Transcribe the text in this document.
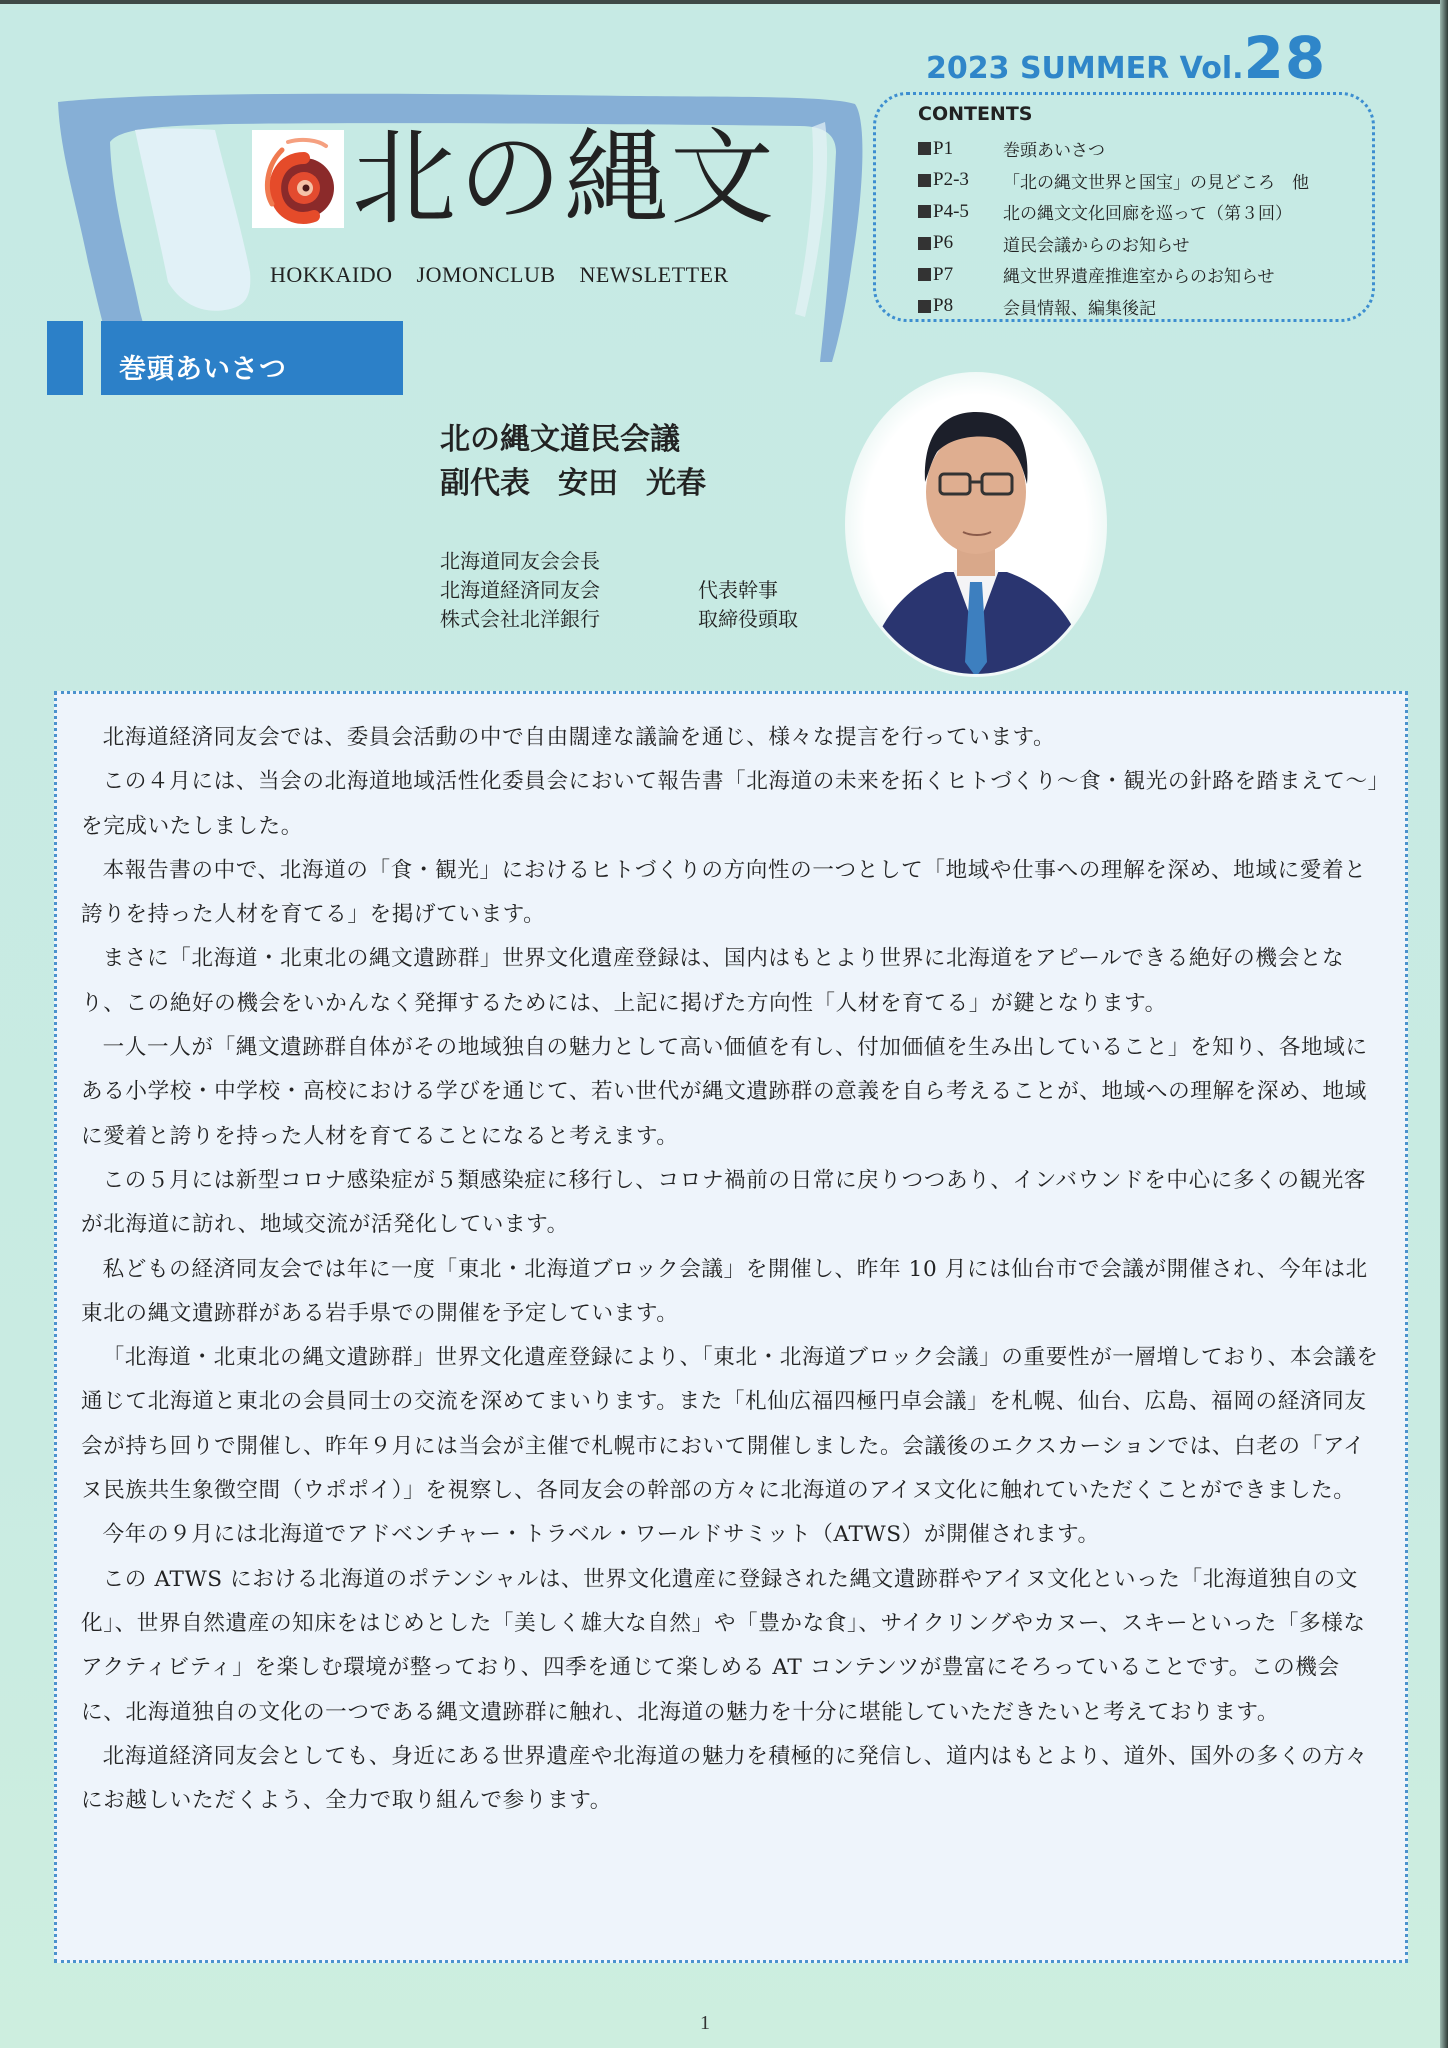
北の縄文
HOKKAIDO JOMONCLUB NEWSLETTER
2023 SUMMER Vol.28
CONTENTS
P1	巻頭あいさつ
P2-3	「北の縄文世界と国宝」の見どころ　他
P4-5	北の縄文文化回廊を巡って（第３回）
P6	道民会議からのお知らせ
P7	縄文世界遺産推進室からのお知らせ
P8	会員情報、編集後記
巻頭あいさつ
北の縄文道民会議
副代表 安田 光春
北海道同友会会長
北海道経済同友会	代表幹事
株式会社北洋銀行	取締役頭取

北海道経済同友会では、委員会活動の中で自由闊達な議論を通じ、様々な提言を行っています。

この４月には、当会の北海道地域活性化委員会において報告書「北海道の未来を拓くヒトづくり～食・観光の針路を踏まえて～」を完成いたしました。

本報告書の中で、北海道の「食・観光」におけるヒトづくりの方向性の一つとして「地域や仕事への理解を深め、地域に愛着と誇りを持った人材を育てる」を掲げています。

まさに「北海道・北東北の縄文遺跡群」世界文化遺産登録は、国内はもとより世界に北海道をアピールできる絶好の機会となり、この絶好の機会をいかんなく発揮するためには、上記に掲げた方向性「人材を育てる」が鍵となります。

一人一人が「縄文遺跡群自体がその地域独自の魅力として高い価値を有し、付加価値を生み出していること」を知り、各地域にある小学校・中学校・高校における学びを通じて、若い世代が縄文遺跡群の意義を自ら考えることが、地域への理解を深め、地域に愛着と誇りを持った人材を育てることになると考えます。

この５月には新型コロナ感染症が５類感染症に移行し、コロナ禍前の日常に戻りつつあり、インバウンドを中心に多くの観光客が北海道に訪れ、地域交流が活発化しています。

私どもの経済同友会では年に一度「東北・北海道ブロック会議」を開催し、昨年 10 月には仙台市で会議が開催され、今年は北東北の縄文遺跡群がある岩手県での開催を予定しています。

「北海道・北東北の縄文遺跡群」世界文化遺産登録により、「東北・北海道ブロック会議」の重要性が一層増しており、本会議を通じて北海道と東北の会員同士の交流を深めてまいります。また「札仙広福四極円卓会議」を札幌、仙台、広島、福岡の経済同友会が持ち回りで開催し、昨年９月には当会が主催で札幌市において開催しました。会議後のエクスカーションでは、白老の「アイヌ民族共生象徴空間（ウポポイ）」を視察し、各同友会の幹部の方々に北海道のアイヌ文化に触れていただくことができました。

今年の９月には北海道でアドベンチャー・トラベル・ワールドサミット（ATWS）が開催されます。

この ATWS における北海道のポテンシャルは、世界文化遺産に登録された縄文遺跡群やアイヌ文化といった「北海道独自の文化」、世界自然遺産の知床をはじめとした「美しく雄大な自然」や「豊かな食」、サイクリングやカヌー、スキーといった「多様なアクティビティ」を楽しむ環境が整っており、四季を通じて楽しめる AT コンテンツが豊富にそろっていることです。この機会に、北海道独自の文化の一つである縄文遺跡群に触れ、北海道の魅力を十分に堪能していただきたいと考えております。

北海道経済同友会としても、身近にある世界遺産や北海道の魅力を積極的に発信し、道内はもとより、道外、国外の多くの方々にお越しいただくよう、全力で取り組んで参ります。

1
